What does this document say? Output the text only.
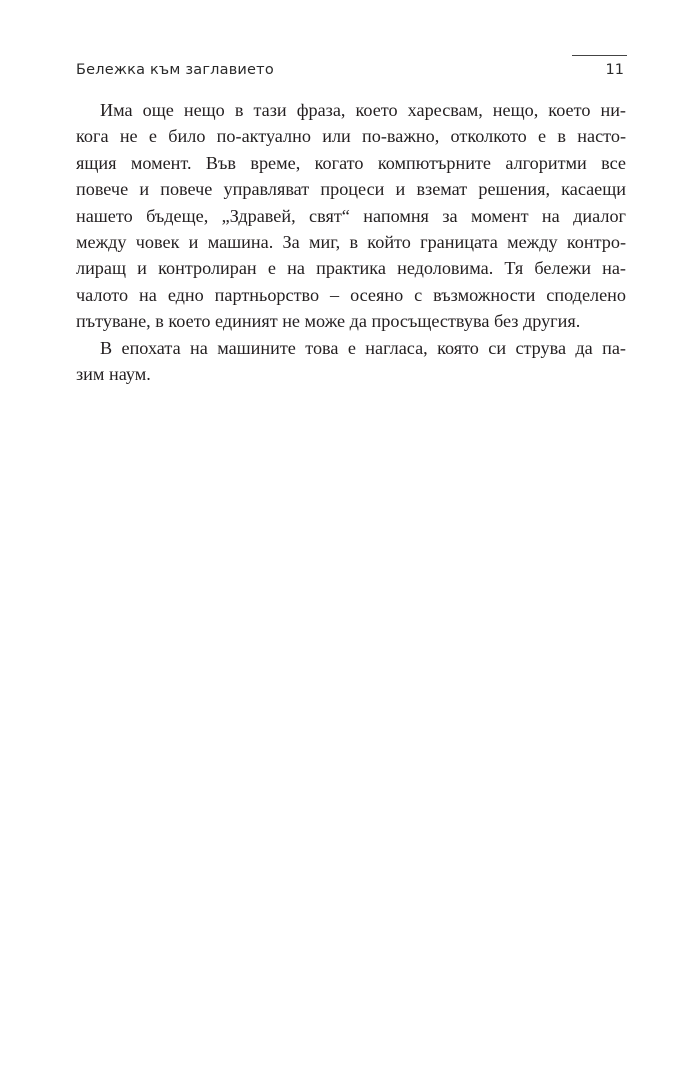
Бележка към заглавието	11
Има още нещо в тази фраза, което харесвам, нещо, което ни-
кога не е било по-актуално или по-важно, отколкото е в насто-
ящия момент. Във време, когато компютърните алгоритми все
повече и повече управляват процеси и вземат решения, касаещи
нашето бъдеще, „Здравей, свят“ напомня за момент на диалог
между човек и машина. За миг, в който границата между контро-
лиращ и контролиран е на практика недоловима. Тя бележи на-
чалото на едно партньорство – осеяно с възможности споделено
пътуване, в което единият не може да просъществува без другия.
В епохата на машините това е нагласа, която си струва да па-
зим наум.
